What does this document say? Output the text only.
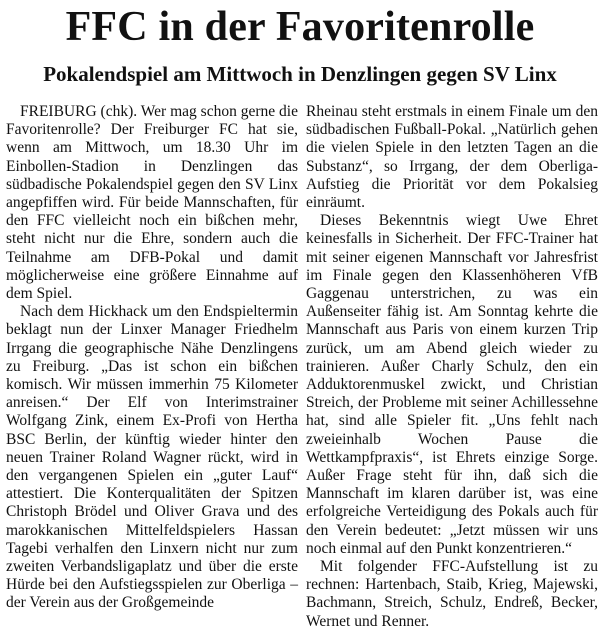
FFC in der Favoritenrolle
Pokalendspiel am Mittwoch in Denzlingen gegen SV Linx

FREIBURG (chk). Wer mag schon gerne die Favoritenrolle? Der Freiburger FC hat sie, wenn am Mittwoch, um 18.30 Uhr im Einbollen-Stadion in Denzlingen das südbadische Pokalendspiel gegen den SV Linx angepfiffen wird. Für beide Mannschaften, für den FFC vielleicht noch ein bißchen mehr, steht nicht nur die Ehre, sondern auch die Teilnahme am DFB-Pokal und damit möglicherweise eine größere Einnahme auf dem Spiel.

Nach dem Hickhack um den Endspieltermin beklagt nun der Linxer Manager Friedhelm Irrgang die geographische Nähe Denzlingens zu Freiburg. „Das ist schon ein bißchen komisch. Wir müssen immerhin 75 Kilometer anreisen.“ Der Elf von Interimstrainer Wolfgang Zink, einem Ex-Profi von Hertha BSC Berlin, der künftig wieder hinter den neuen Trainer Roland Wagner rückt, wird in den vergangenen Spielen ein „guter Lauf“ attestiert. Die Konterqualitäten der Spitzen Christoph Brödel und Oliver Grava und des marokkanischen Mittelfeldspielers Hassan Tagebi verhalfen den Linxern nicht nur zum zweiten Verbandsligaplatz und über die erste Hürde bei den Aufstiegsspielen zur Oberliga – der Verein aus der Großgemeinde

Rheinau steht erstmals in einem Finale um den südbadischen Fußball-Pokal. „Natürlich gehen die vielen Spiele in den letzten Tagen an die Substanz“, so Irrgang, der dem Oberliga-Aufstieg die Priorität vor dem Pokalsieg einräumt.

Dieses Bekenntnis wiegt Uwe Ehret keinesfalls in Sicherheit. Der FFC-Trainer hat mit seiner eigenen Mannschaft vor Jahresfrist im Finale gegen den Klassenhöheren VfB Gaggenau unterstrichen, zu was ein Außenseiter fähig ist. Am Sonntag kehrte die Mannschaft aus Paris von einem kurzen Trip zurück, um am Abend gleich wieder zu trainieren. Außer Charly Schulz, den ein Adduktorenmuskel zwickt, und Christian Streich, der Probleme mit seiner Achillessehne hat, sind alle Spieler fit. „Uns fehlt nach zweieinhalb Wochen Pause die Wettkampfpraxis“, ist Ehrets einzige Sorge. Außer Frage steht für ihn, daß sich die Mannschaft im klaren darüber ist, was eine erfolgreiche Verteidigung des Pokals auch für den Verein bedeutet: „Jetzt müssen wir uns noch einmal auf den Punkt konzentrieren.“

Mit folgender FFC-Aufstellung ist zu rechnen: Hartenbach, Staib, Krieg, Majewski, Bachmann, Streich, Schulz, Endreß, Becker, Wernet und Renner.
